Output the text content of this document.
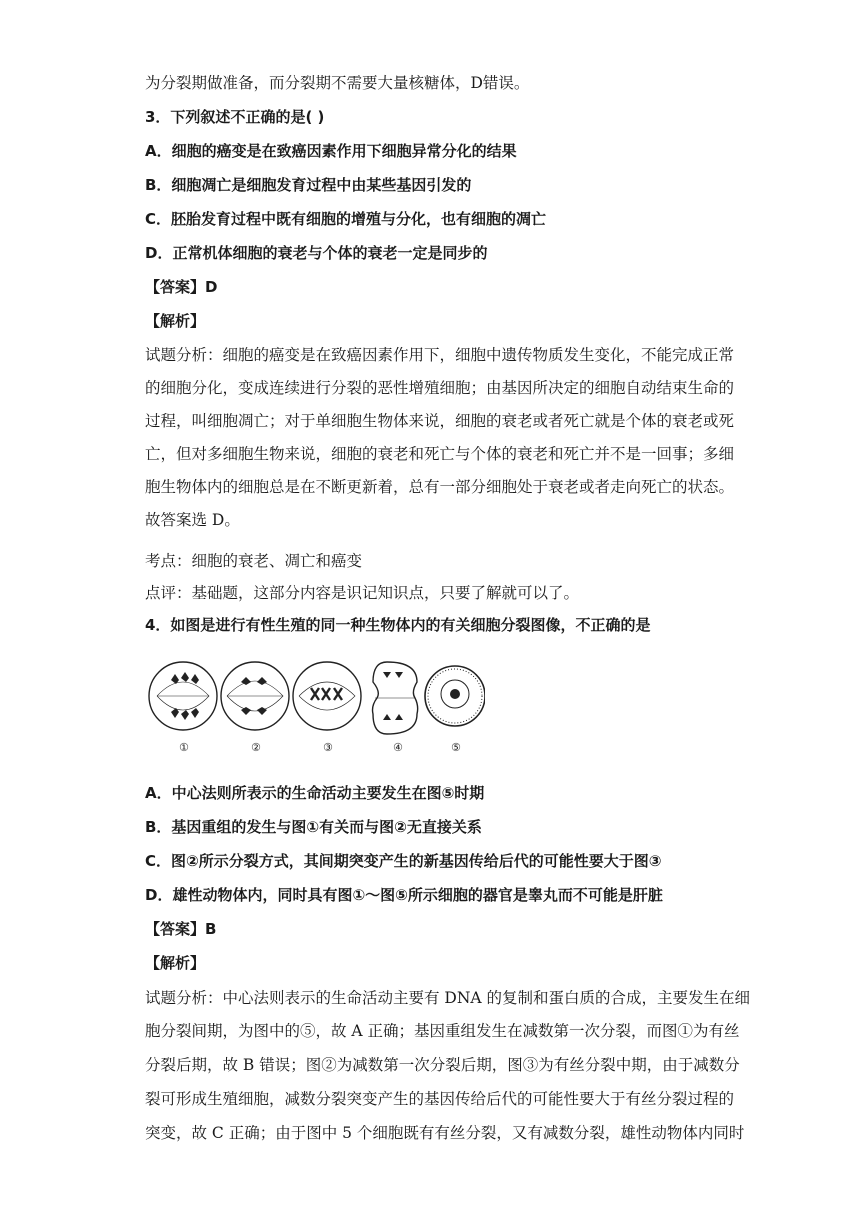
为分裂期做准备，而分裂期不需要大量核糖体，D错误。
3．下列叙述不正确的是( )
A．细胞的癌变是在致癌因素作用下细胞异常分化的结果
B．细胞凋亡是细胞发育过程中由某些基因引发的
C．胚胎发育过程中既有细胞的增殖与分化，也有细胞的凋亡
D．正常机体细胞的衰老与个体的衰老一定是同步的
【答案】D
【解析】
试题分析：细胞的癌变是在致癌因素作用下，细胞中遗传物质发生变化，不能完成正常
的细胞分化，变成连续进行分裂的恶性增殖细胞；由基因所决定的细胞自动结束生命的
过程，叫细胞凋亡；对于单细胞生物体来说，细胞的衰老或者死亡就是个体的衰老或死
亡，但对多细胞生物来说，细胞的衰老和死亡与个体的衰老和死亡并不是一回事；多细
胞生物体内的细胞总是在不断更新着，总有一部分细胞处于衰老或者走向死亡的状态。
故答案选 D。
考点：细胞的衰老、凋亡和癌变
点评：基础题，这部分内容是识记知识点，只要了解就可以了。
4．如图是进行有性生殖的同一种生物体内的有关细胞分裂图像，不正确的是
①	②	③	④	⑤
A．中心法则所表示的生命活动主要发生在图⑤时期
B．基因重组的发生与图①有关而与图②无直接关系
C．图②所示分裂方式，其间期突变产生的新基因传给后代的可能性要大于图③
D．雄性动物体内，同时具有图①～图⑤所示细胞的器官是睾丸而不可能是肝脏
【答案】B
【解析】
试题分析：中心法则表示的生命活动主要有 DNA 的复制和蛋白质的合成，主要发生在细
胞分裂间期，为图中的⑤，故 A 正确；基因重组发生在减数第一次分裂，而图①为有丝
分裂后期，故 B 错误；图②为减数第一次分裂后期，图③为有丝分裂中期，由于减数分
裂可形成生殖细胞，减数分裂突变产生的基因传给后代的可能性要大于有丝分裂过程的
突变，故 C 正确；由于图中 5 个细胞既有有丝分裂，又有减数分裂，雄性动物体内同时
